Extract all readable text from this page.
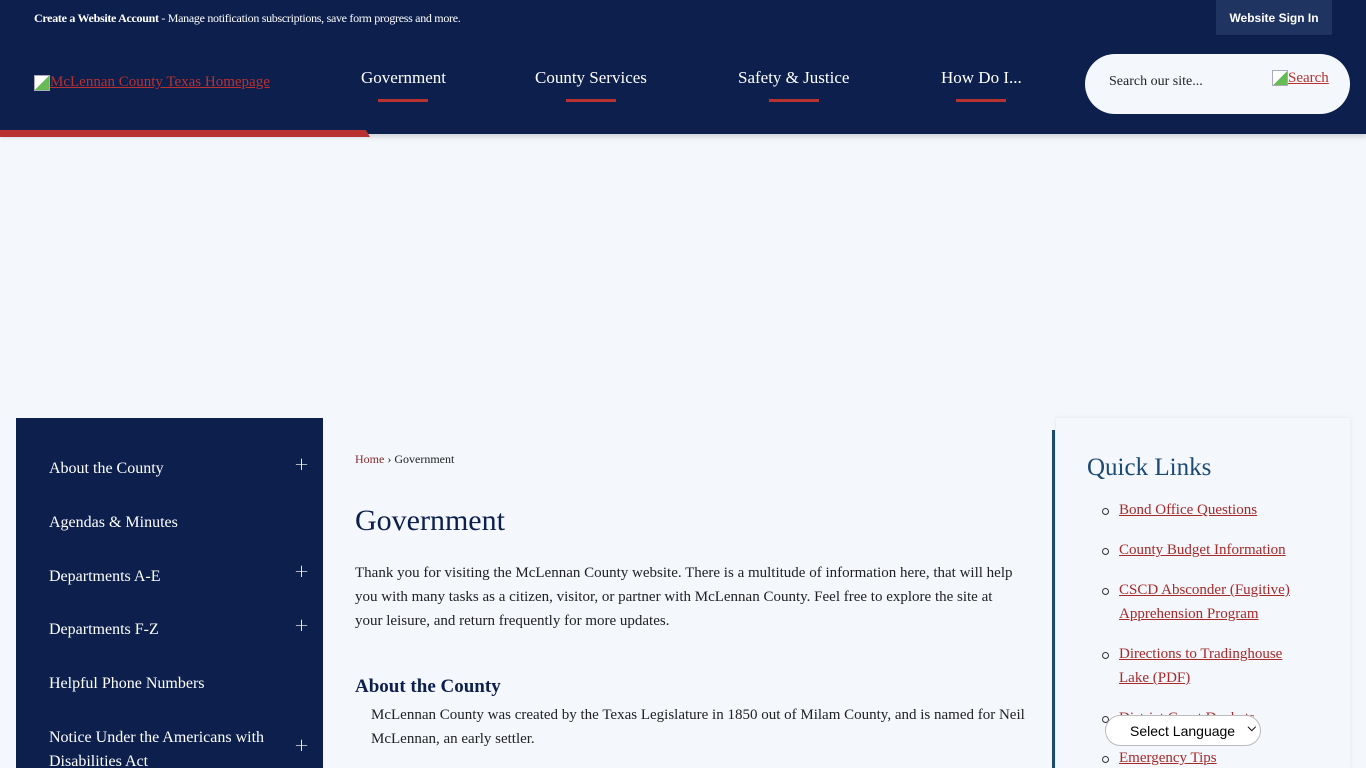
Create a Website Account - Manage notification subscriptions, save form progress and more.	Website Sign In
McLennan County Texas Homepage	Government	County Services	Safety & Justice	How Do I...
Search our site...	Search
About the County	+
Agendas & Minutes
Departments A-E	+
Departments F-Z	+
Helpful Phone Numbers
Notice Under the Americans with Disabilities Act
+
Home › Government
Government

Thank you for visiting the McLennan County website. There is a multitude of information here, that will help you with many tasks as a citizen, visitor, or partner with McLennan County. Feel free to explore the site at your leisure, and return frequently for more updates.

About the County

McLennan County was created by the Texas Legislature in 1850 out of Milam County, and is named for Neil McLennan, an early settler.

Quick Links
Bond Office Questions
County Budget Information
CSCD Absconder (Fugitive) Apprehension Program
Directions to Tradinghouse Lake (PDF)
Emergency Tips
Select Language ⌵
